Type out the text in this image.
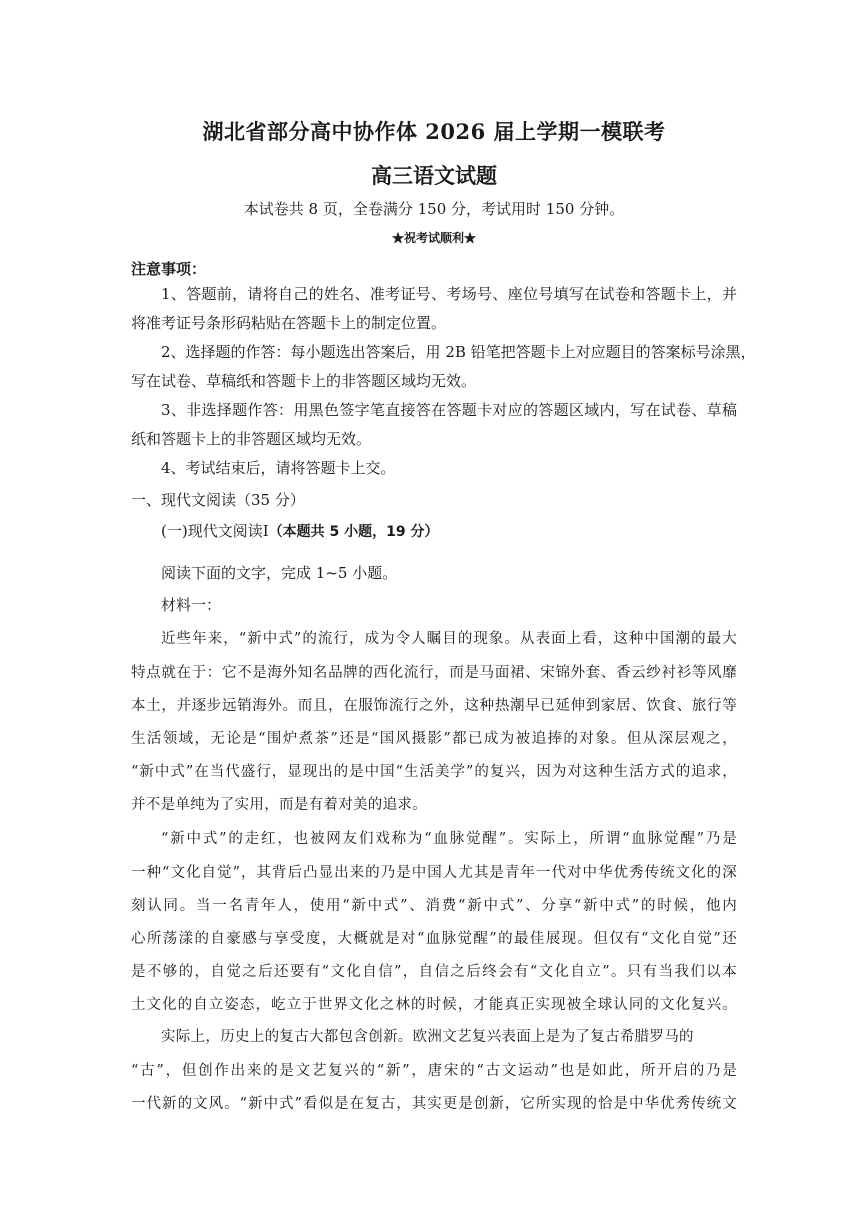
湖北省部分高中协作体 2026 届上学期一模联考
高三语文试题
本试卷共 8 页，全卷满分 150 分，考试用时 150 分钟。
★祝考试顺利★
注意事项：
1、答题前，请将自己的姓名、准考证号、考场号、座位号填写在试卷和答题卡上，并
将准考证号条形码粘贴在答题卡上的制定位置。
2、选择题的作答：每小题选出答案后，用 2B 铅笔把答题卡上对应题目的答案标号涂黑，
写在试卷、草稿纸和答题卡上的非答题区域均无效。
3、非选择题作答：用黑色签字笔直接答在答题卡对应的答题区域内，写在试卷、草稿
纸和答题卡上的非答题区域均无效。
4、考试结束后，请将答题卡上交。
一、现代文阅读（35 分）
(一)现代文阅读Ⅰ（本题共 5 小题，19 分）
阅读下面的文字，完成 1~5 小题。
材料一：
近些年来，“新中式”的流行，成为令人瞩目的现象。从表面上看，这种中国潮的最大
特点就在于：它不是海外知名品牌的西化流行，而是马面裙、宋锦外套、香云纱衬衫等风靡
本土，并逐步远销海外。而且，在服饰流行之外，这种热潮早已延伸到家居、饮食、旅行等
生活领域，无论是“围炉煮茶”还是“国风摄影”都已成为被追捧的对象。但从深层观之，
“新中式”在当代盛行，显现出的是中国“生活美学”的复兴，因为对这种生活方式的追求，
并不是单纯为了实用，而是有着对美的追求。
“新中式”的走红，也被网友们戏称为“血脉觉醒”。实际上，所谓“血脉觉醒”乃是
一种“文化自觉”，其背后凸显出来的乃是中国人尤其是青年一代对中华优秀传统文化的深
刻认同。当一名青年人，使用“新中式”、消费“新中式”、分享“新中式”的时候，他内
心所荡漾的自豪感与享受度，大概就是对“血脉觉醒”的最佳展现。但仅有“文化自觉”还
是不够的，自觉之后还要有“文化自信”，自信之后终会有“文化自立”。只有当我们以本
土文化的自立姿态，屹立于世界文化之林的时候，才能真正实现被全球认同的文化复兴。
实际上，历史上的复古大都包含创新。欧洲文艺复兴表面上是为了复古希腊罗马的
“古”，但创作出来的是文艺复兴的“新”，唐宋的“古文运动”也是如此，所开启的乃是
一代新的文风。“新中式”看似是在复古，其实更是创新，它所实现的恰是中华优秀传统文
